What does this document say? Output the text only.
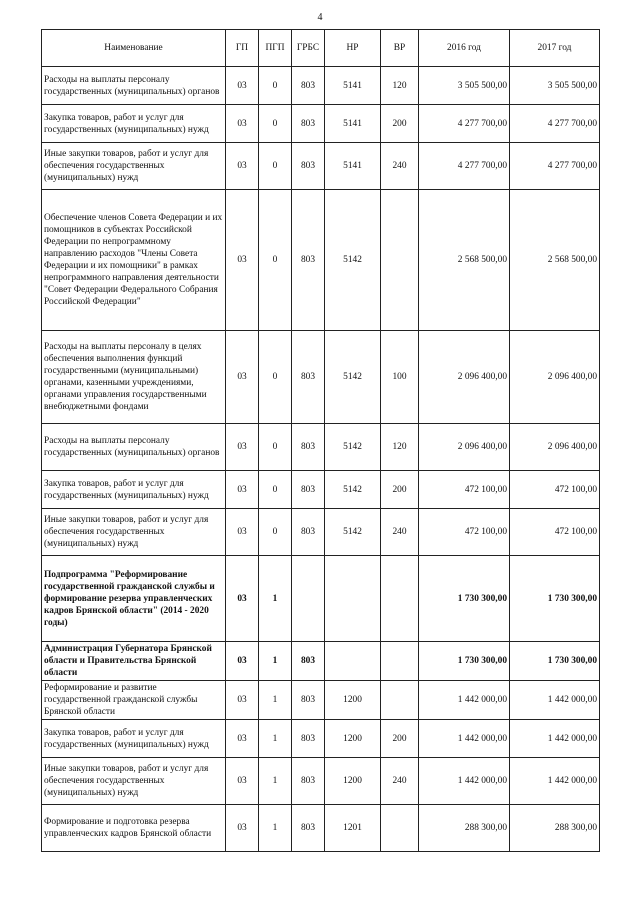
4
Наименование	ГП	ПГП	ГРБС	НР	ВР	2016 год	2017 год
Расходы на выплаты персоналу государственных (муниципальных) органов	03	0	803	5141	120	3 505 500,00	3 505 500,00
Закупка товаров, работ и услуг для государственных (муниципальных) нужд	03	0	803	5141	200	4 277 700,00	4 277 700,00
Иные закупки товаров, работ и услуг для обеспечения государственных (муниципальных) нужд	03	0	803	5141	240	4 277 700,00	4 277 700,00
Обеспечение членов Совета Федерации и их помощников в субъектах Российской Федерации по непрограммному направлению расходов "Члены Совета Федерации и их помощники" в рамках непрограммного направления деятельности "Совет Федерации Федерального Собрания Российской Федерации"	03	0	803	5142		2 568 500,00	2 568 500,00
Расходы на выплаты персоналу в целях обеспечения выполнения функций государственными (муниципальными) органами, казенными учреждениями, органами управления государственными внебюджетными фондами	03	0	803	5142	100	2 096 400,00	2 096 400,00
Расходы на выплаты персоналу государственных (муниципальных) органов	03	0	803	5142	120	2 096 400,00	2 096 400,00
Закупка товаров, работ и услуг для государственных (муниципальных) нужд	03	0	803	5142	200	472 100,00	472 100,00
Иные закупки товаров, работ и услуг для обеспечения государственных (муниципальных) нужд	03	0	803	5142	240	472 100,00	472 100,00
Подпрограмма "Реформирование государственной гражданской службы и формирование резерва управленческих кадров Брянской области" (2014 - 2020 годы)	03	1				1 730 300,00	1 730 300,00
Администрация Губернатора Брянской области и Правительства Брянской области	03	1	803			1 730 300,00	1 730 300,00
Реформирование и развитие государственной гражданской службы Брянской области	03	1	803	1200		1 442 000,00	1 442 000,00
Закупка товаров, работ и услуг для государственных (муниципальных) нужд	03	1	803	1200	200	1 442 000,00	1 442 000,00
Иные закупки товаров, работ и услуг для обеспечения государственных (муниципальных) нужд	03	1	803	1200	240	1 442 000,00	1 442 000,00
Формирование и подготовка резерва управленческих кадров Брянской области	03	1	803	1201		288 300,00	288 300,00
